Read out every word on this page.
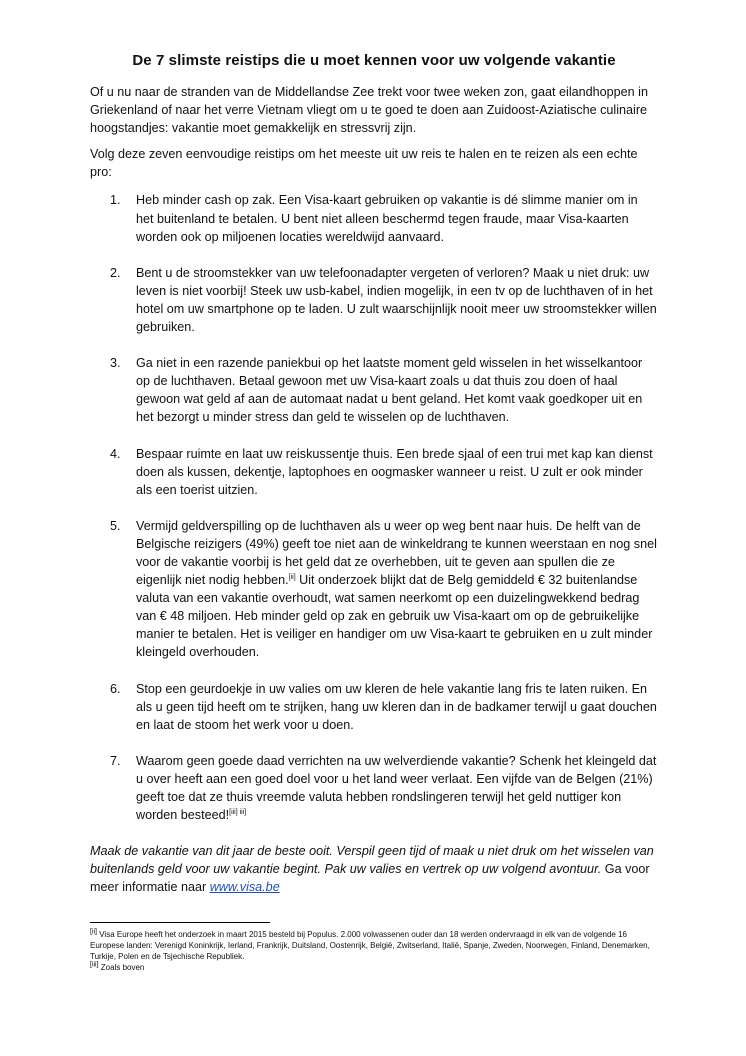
De 7 slimste reistips die u moet kennen voor uw volgende vakantie

Of u nu naar de stranden van de Middellandse Zee trekt voor twee weken zon, gaat eilandhoppen in Griekenland of naar het verre Vietnam vliegt om u te goed te doen aan Zuidoost-Aziatische culinaire hoogstandjes: vakantie moet gemakkelijk en stressvrij zijn.

Volg deze zeven eenvoudige reistips om het meeste uit uw reis te halen en te reizen als een echte pro:

1.	Heb minder cash op zak. Een Visa-kaart gebruiken op vakantie is dé slimme manier om in het buitenland te betalen. U bent niet alleen beschermd tegen fraude, maar Visa-kaarten worden ook op miljoenen locaties wereldwijd aanvaard.
2.	Bent u de stroomstekker van uw telefoonadapter vergeten of verloren? Maak u niet druk: uw leven is niet voorbij! Steek uw usb-kabel, indien mogelijk, in een tv op de luchthaven of in het hotel om uw smartphone op te laden. U zult waarschijnlijk nooit meer uw stroomstekker willen gebruiken.
3.	Ga niet in een razende paniekbui op het laatste moment geld wisselen in het wisselkantoor op de luchthaven. Betaal gewoon met uw Visa-kaart zoals u dat thuis zou doen of haal gewoon wat geld af aan de automaat nadat u bent geland. Het komt vaak goedkoper uit en het bezorgt u minder stress dan geld te wisselen op de luchthaven.
4.	Bespaar ruimte en laat uw reiskussentje thuis. Een brede sjaal of een trui met kap kan dienst doen als kussen, dekentje, laptophoes en oogmasker wanneer u reist. U zult er ook minder als een toerist uitzien.
5.	Vermijd geldverspilling op de luchthaven als u weer op weg bent naar huis. De helft van de Belgische reizigers (49%) geeft toe niet aan de winkeldrang te kunnen weerstaan en nog snel voor de vakantie voorbij is het geld dat ze overhebben, uit te geven aan spullen die ze eigenlijk niet nodig hebben.[ii] Uit onderzoek blijkt dat de Belg gemiddeld € 32 buitenlandse valuta van een vakantie overhoudt, wat samen neerkomt op een duizelingwekkend bedrag van € 48 miljoen. Heb minder geld op zak en gebruik uw Visa-kaart om op de gebruikelijke manier te betalen. Het is veiliger en handiger om uw Visa-kaart te gebruiken en u zult minder kleingeld overhouden.
6.	Stop een geurdoekje in uw valies om uw kleren de hele vakantie lang fris te laten ruiken. En als u geen tijd heeft om te strijken, hang uw kleren dan in de badkamer terwijl u gaat douchen en laat de stoom het werk voor u doen.
7.	Waarom geen goede daad verrichten na uw welverdiende vakantie? Schenk het kleingeld dat u over heeft aan een goed doel voor u het land weer verlaat. Een vijfde van de Belgen (21%) geeft toe dat ze thuis vreemde valuta hebben rondslingeren terwijl het geld nuttiger kon worden besteed![iii] iii]

Maak de vakantie van dit jaar de beste ooit. Verspil geen tijd of maak u niet druk om het wisselen van buitenlands geld voor uw vakantie begint. Pak uw valies en vertrek op uw volgend avontuur. Ga voor meer informatie naar www.visa.be

[ii] Visa Europe heeft het onderzoek in maart 2015 besteld bij Populus. 2.000 volwassenen ouder dan 18 werden ondervraagd in elk van de volgende 16 Europese landen: Verenigd Koninkrijk, Ierland, Frankrijk, Duitsland, Oostenrijk, België, Zwitserland, Italië, Spanje, Zweden, Noorwegen, Finland, Denemarken, Turkije, Polen en de Tsjechische Republiek.

[iii] Zoals boven
